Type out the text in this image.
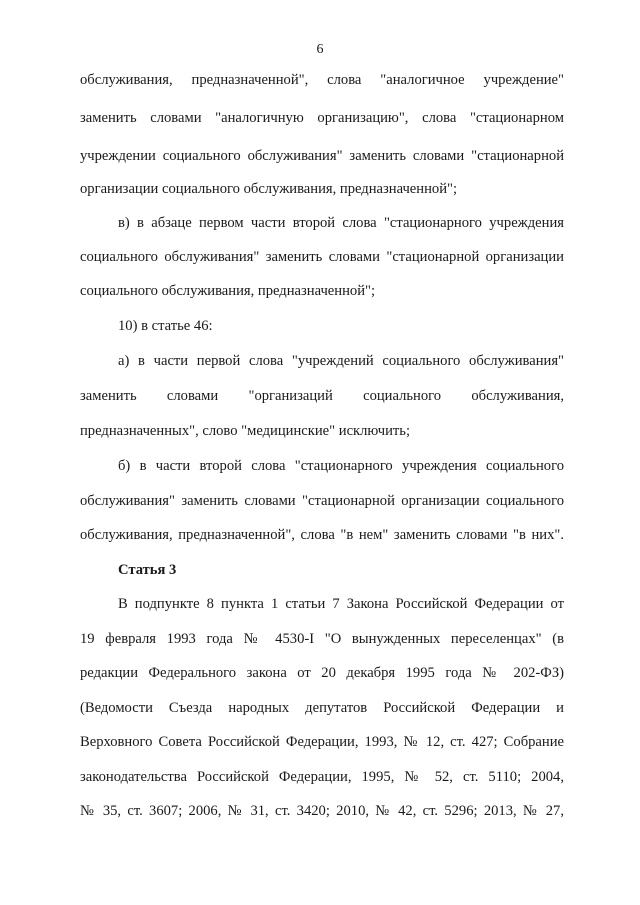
6
обслуживания, предназначенной", слова "аналогичное учреждение"
заменить словами "аналогичную организацию", слова "стационарном
учреждении социального обслуживания" заменить словами "стационарной
организации социального обслуживания, предназначенной";
в) в абзаце первом части второй слова "стационарного учреждения
социального обслуживания" заменить словами "стационарной организации
социального обслуживания, предназначенной";
10) в статье 46:
а) в части первой слова "учреждений социального обслуживания"
заменить словами "организаций социального обслуживания,
предназначенных", слово "медицинские" исключить;
б) в части второй слова "стационарного учреждения социального
обслуживания" заменить словами "стационарной организации социального
обслуживания, предназначенной", слова "в нем" заменить словами "в них".
Статья 3
В подпункте 8 пункта 1 статьи 7 Закона Российской Федерации от
19 февраля 1993 года № 4530-I "О вынужденных переселенцах" (в
редакции Федерального закона от 20 декабря 1995 года № 202-ФЗ)
(Ведомости Съезда народных депутатов Российской Федерации и
Верховного Совета Российской Федерации, 1993, № 12, ст. 427; Собрание
законодательства Российской Федерации, 1995, № 52, ст. 5110; 2004,
№ 35, ст. 3607; 2006, № 31, ст. 3420; 2010, № 42, ст. 5296; 2013, № 27,
